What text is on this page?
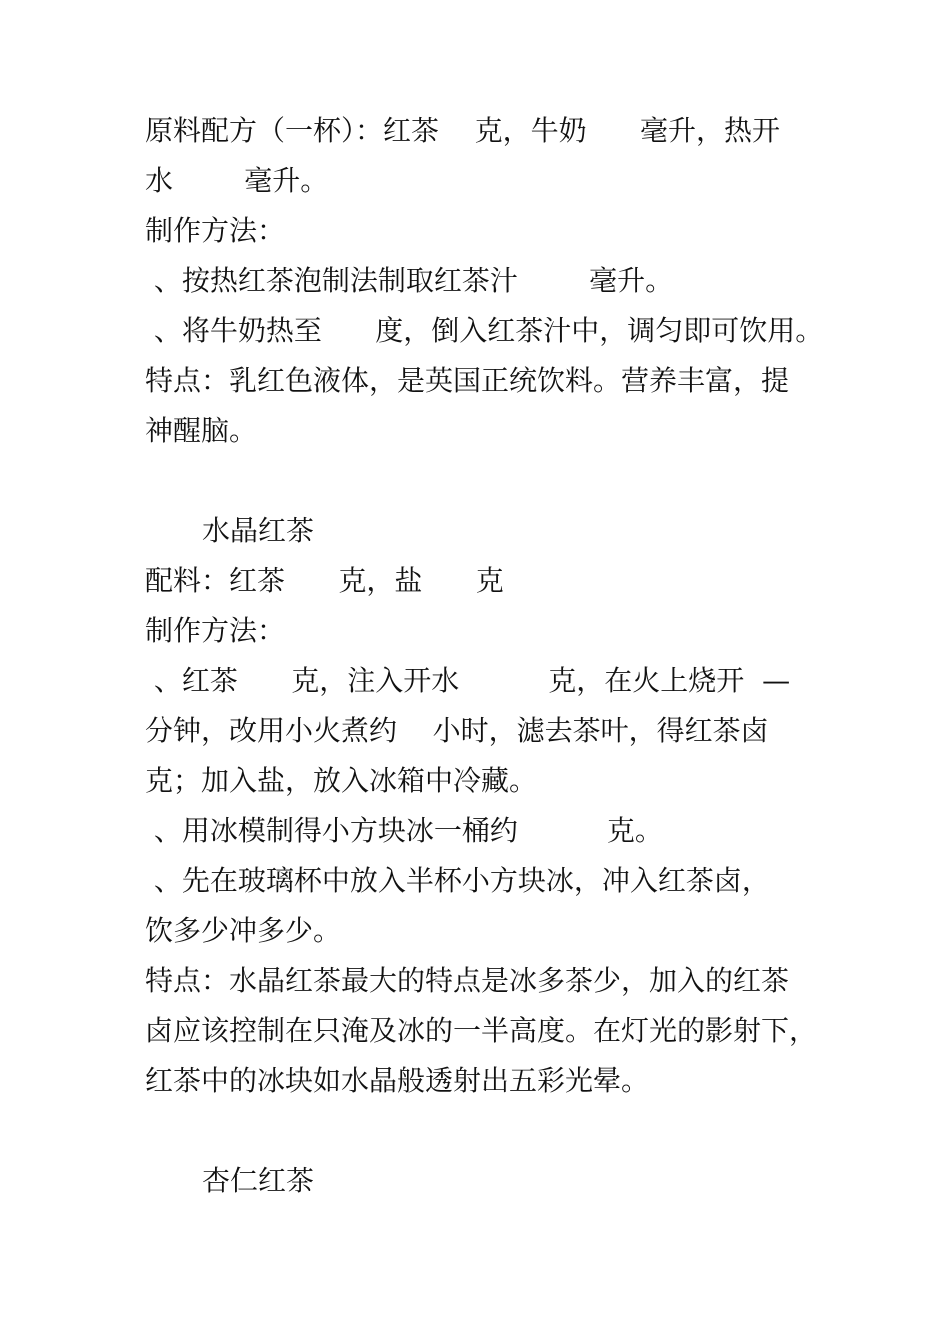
原料配方（一杯）：红茶    克，牛奶      毫升，热开

水        毫升。

制作方法：

、按热红茶泡制法制取红茶汁        毫升。

、将牛奶热至      度，倒入红茶汁中，调匀即可饮用。

特点：乳红色液体，是英国正统饮料。营养丰富，提

神醒脑。

水晶红茶

配料：红茶      克，盐      克

制作方法：

、红茶      克，注入开水          克，在火上烧开  —

分钟，改用小火煮约    小时，滤去茶叶，得红茶卤

克；加入盐，放入冰箱中冷藏。

、用冰模制得小方块冰一桶约          克。

、先在玻璃杯中放入半杯小方块冰，冲入红茶卤，

饮多少冲多少。

特点：水晶红茶最大的特点是冰多茶少，加入的红茶

卤应该控制在只淹及冰的一半高度。在灯光的影射下，

红茶中的冰块如水晶般透射出五彩光晕。

杏仁红茶
